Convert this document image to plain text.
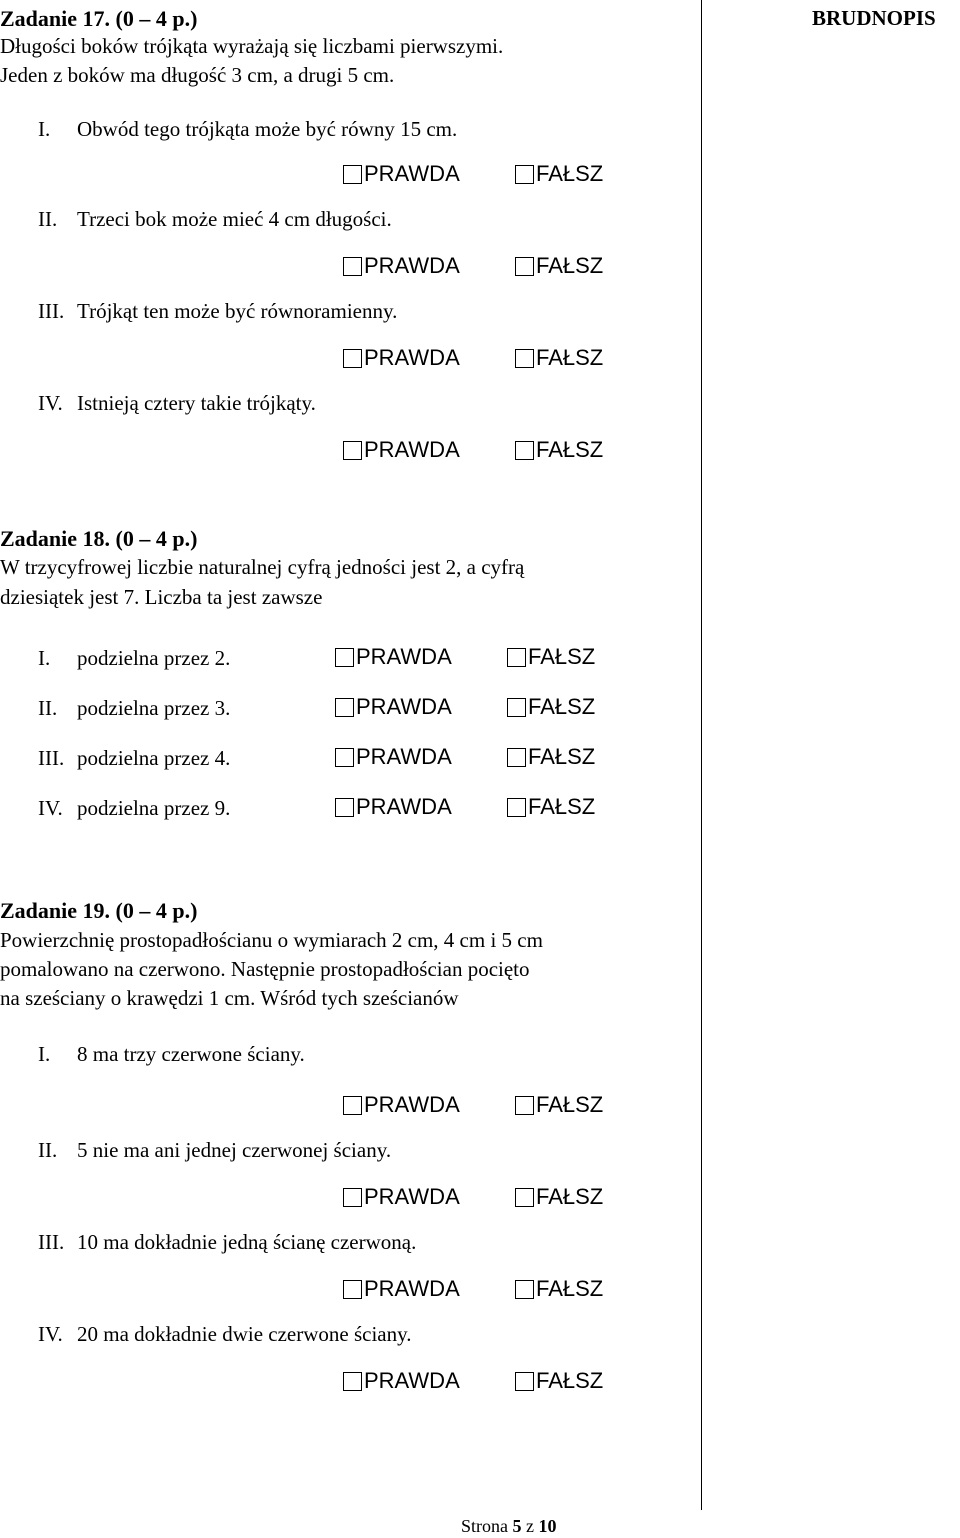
BRUDNOPIS
Zadanie 17. (0 – 4 p.)
Długości boków trójkąta wyrażają się liczbami pierwszymi.
Jeden z boków ma długość 3 cm, a drugi 5 cm.
I. Obwód tego trójkąta może być równy 15 cm.
PRAWDA	FAŁSZ
II. Trzeci bok może mieć 4 cm długości.
PRAWDA	FAŁSZ
III. Trójkąt ten może być równoramienny.
PRAWDA	FAŁSZ
IV. Istnieją cztery takie trójkąty.
PRAWDA	FAŁSZ
Zadanie 18. (0 – 4 p.)
W trzycyfrowej liczbie naturalnej cyfrą jedności jest 2, a cyfrą
dziesiątek jest 7. Liczba ta jest zawsze
I. podzielna przez 2.	PRAWDA	FAŁSZ
II. podzielna przez 3.	PRAWDA	FAŁSZ
III. podzielna przez 4.	PRAWDA	FAŁSZ
IV. podzielna przez 9.	PRAWDA	FAŁSZ
Zadanie 19. (0 – 4 p.)
Powierzchnię prostopadłościanu o wymiarach 2 cm, 4 cm i 5 cm
pomalowano na czerwono. Następnie prostopadłościan pocięto
na sześciany o krawędzi 1 cm. Wśród tych sześcianów
I. 8 ma trzy czerwone ściany.
PRAWDA	FAŁSZ
II. 5 nie ma ani jednej czerwonej ściany.
PRAWDA	FAŁSZ
III. 10 ma dokładnie jedną ścianę czerwoną.
PRAWDA	FAŁSZ
IV. 20 ma dokładnie dwie czerwone ściany.
PRAWDA	FAŁSZ
Strona 5 z 10
